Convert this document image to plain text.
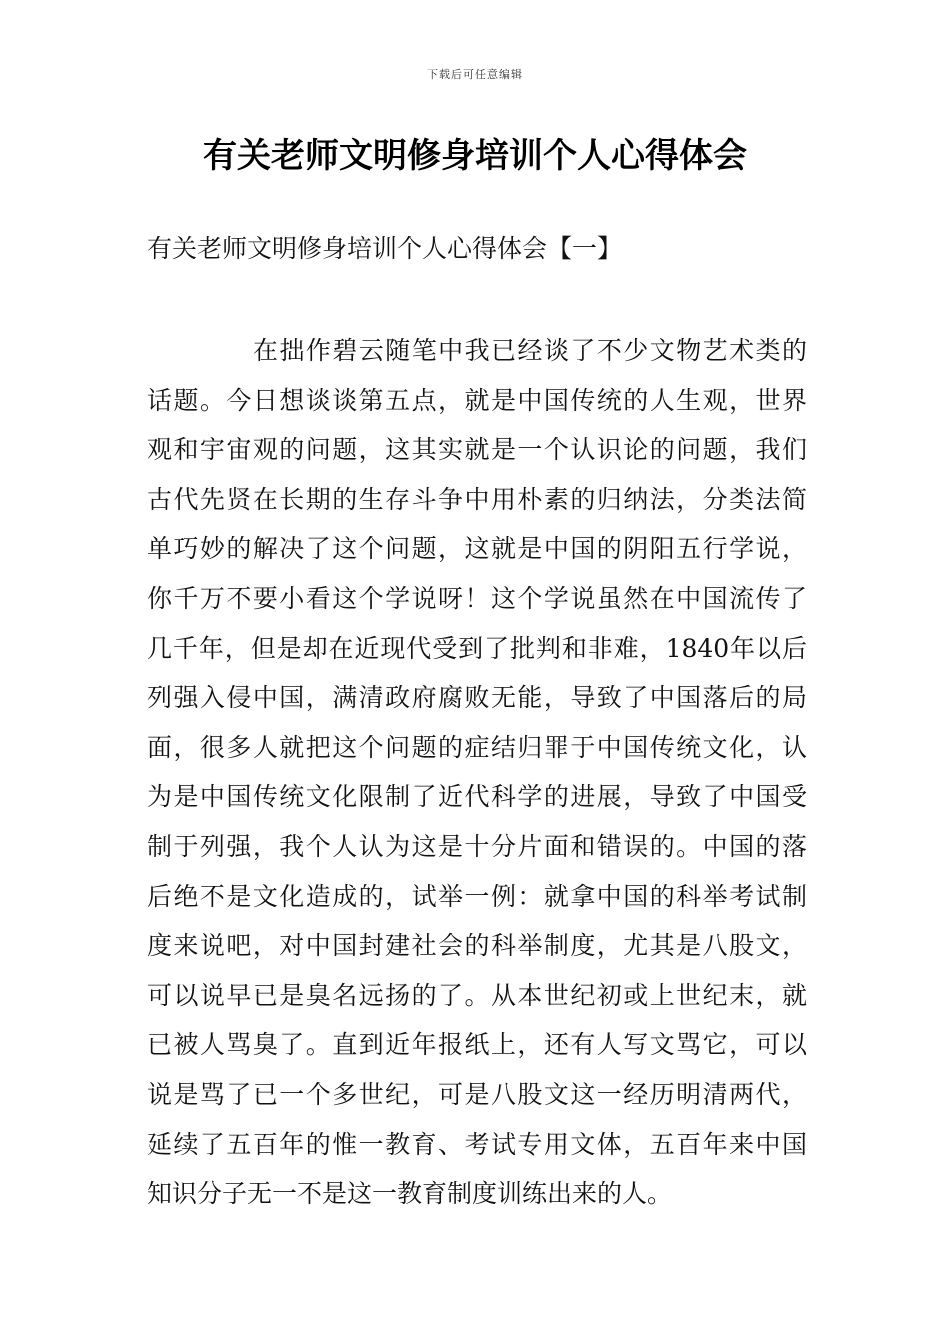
下载后可任意编辑
有关老师文明修身培训个人心得体会
有关老师文明修身培训个人心得体会【一】
在拙作碧云随笔中我已经谈了不少文物艺术类的
话题。今日想谈谈第五点，就是中国传统的人生观，世界
观和宇宙观的问题，这其实就是一个认识论的问题，我们
古代先贤在长期的生存斗争中用朴素的归纳法，分类法简
单巧妙的解决了这个问题，这就是中国的阴阳五行学说，
你千万不要小看这个学说呀！这个学说虽然在中国流传了
几千年，但是却在近现代受到了批判和非难，1840年以后
列强入侵中国，满清政府腐败无能，导致了中国落后的局
面，很多人就把这个问题的症结归罪于中国传统文化，认
为是中国传统文化限制了近代科学的进展，导致了中国受
制于列强，我个人认为这是十分片面和错误的。中国的落
后绝不是文化造成的，试举一例：就拿中国的科举考试制
度来说吧，对中国封建社会的科举制度，尤其是八股文，
可以说早已是臭名远扬的了。从本世纪初或上世纪末，就
已被人骂臭了。直到近年报纸上，还有人写文骂它，可以
说是骂了已一个多世纪，可是八股文这一经历明清两代，
延续了五百年的惟一教育、考试专用文体，五百年来中国
知识分子无一不是这一教育制度训练出来的人。
